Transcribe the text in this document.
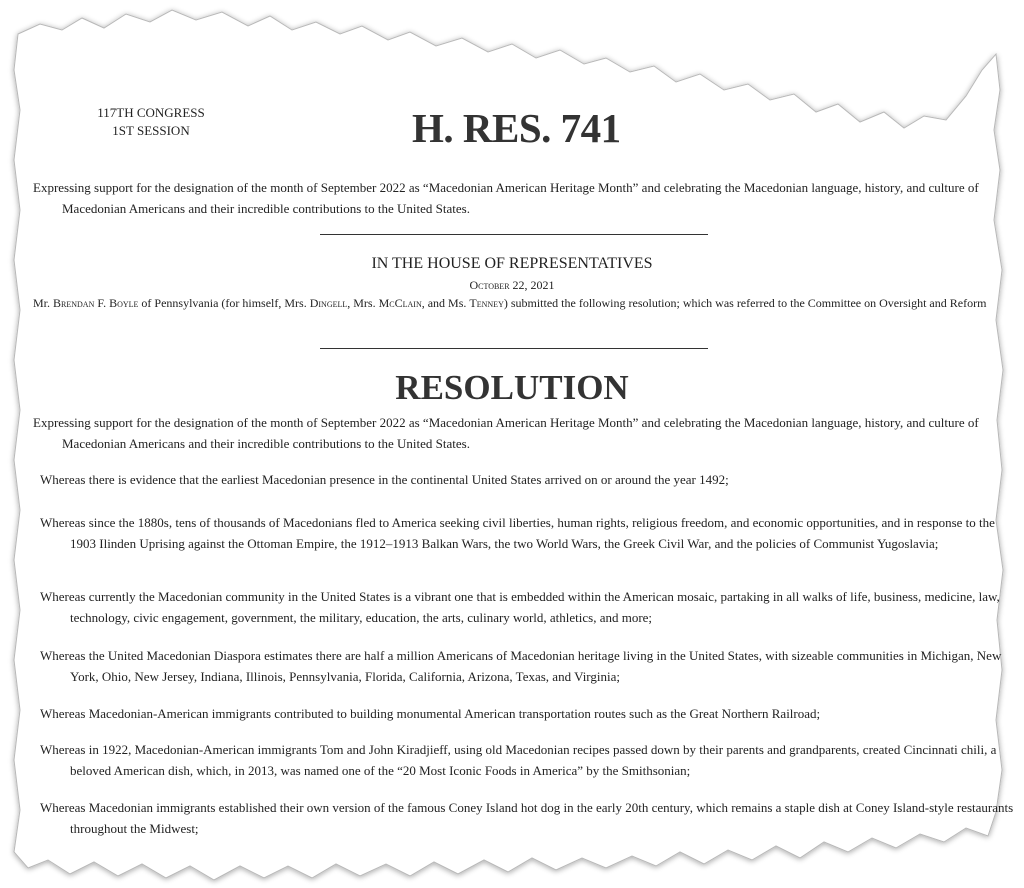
117TH CONGRESS
1ST SESSION	H. RES. 741

Expressing support for the designation of the month of September 2022 as “Macedonian American Heritage Month” and celebrating the Macedonian language, history, and culture of Macedonian Americans and their incredible contributions to the United States.

IN THE HOUSE OF REPRESENTATIVES
October 22, 2021

Mr. Brendan F. Boyle of Pennsylvania (for himself, Mrs. Dingell, Mrs. McClain, and Ms. Tenney) submitted the following resolution; which was referred to the Committee on Oversight and Reform

RESOLUTION

Expressing support for the designation of the month of September 2022 as “Macedonian American Heritage Month” and celebrating the Macedonian language, history, and culture of Macedonian Americans and their incredible contributions to the United States.

Whereas there is evidence that the earliest Macedonian presence in the continental United States arrived on or around the year 1492;

Whereas since the 1880s, tens of thousands of Macedonians fled to America seeking civil liberties, human rights, religious freedom, and economic opportunities, and in response to the 1903 Ilinden Uprising against the Ottoman Empire, the 1912–1913 Balkan Wars, the two World Wars, the Greek Civil War, and the policies of Communist Yugoslavia;

Whereas currently the Macedonian community in the United States is a vibrant one that is embedded within the American mosaic, partaking in all walks of life, business, medicine, law, technology, civic engagement, government, the military, education, the arts, culinary world, athletics, and more;

Whereas the United Macedonian Diaspora estimates there are half a million Americans of Macedonian heritage living in the United States, with sizeable communities in Michigan, New York, Ohio, New Jersey, Indiana, Illinois, Pennsylvania, Florida, California, Arizona, Texas, and Virginia;

Whereas Macedonian-American immigrants contributed to building monumental American transportation routes such as the Great Northern Railroad;

Whereas in 1922, Macedonian-American immigrants Tom and John Kiradjieff, using old Macedonian recipes passed down by their parents and grandparents, created Cincinnati chili, a beloved American dish, which, in 2013, was named one of the “20 Most Iconic Foods in America” by the Smithsonian;

Whereas Macedonian immigrants established their own version of the famous Coney Island hot dog in the early 20th century, which remains a staple dish at Coney Island-style restaurants throughout the Midwest;
